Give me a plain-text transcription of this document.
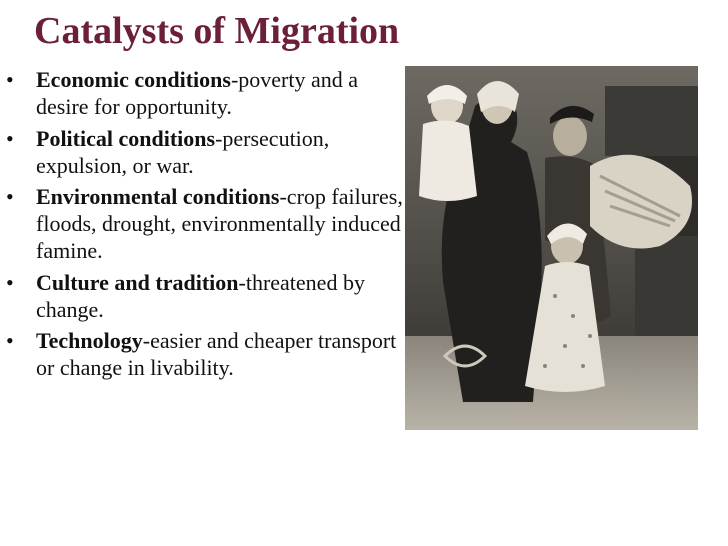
Catalysts of Migration
•	Economic conditions-poverty and a desire for opportunity.
•	Political conditions-persecution, expulsion, or war.
•	Environmental conditions-crop failures, floods, drought, environmentally induced famine.
•	Culture and tradition-threatened by change.
•	Technology-easier and cheaper transport or change in livability.
